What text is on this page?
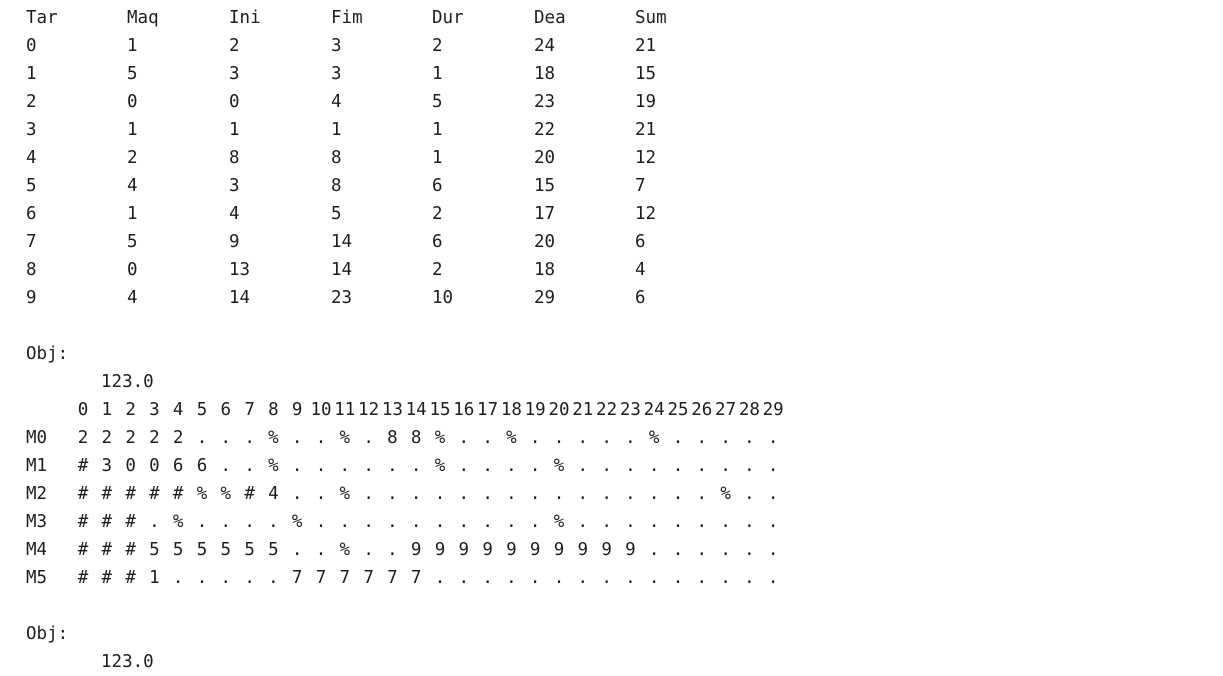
Tar	Maq	Ini	Fim	Dur	Dea	Sum
0	1	2	3	2	24	21
1	5	3	3	1	18	15
2	0	0	4	5	23	19
3	1	1	1	1	22	21
4	2	8	8	1	20	12
5	4	3	8	6	15	7
6	1	4	5	2	17	12
7	5	9	14	6	20	6
8	0	13	14	2	18	4
9	4	14	23	10	29	6

Obj:

123.0

0 1 2 3 4 5 6 7 8 9 10 11 12 13 14 15 16 17 18 19 20 21 22 23 24 25 26 27 28 29
M0	2 2 2 2 2 . . . % . . % . 8 8 % . . % . . . . . % . . . . .
M1	# 3 0 0 6 6 . . % . . . . . . % . . . . % . . . . . . . . .
M2	# # # # # % % # 4 . . % . . . . . . . . . . . . . . . % . .
M3	# # # . % . . . . % . . . . . . . . . . % . . . . . . . . .
M4	# # # 5 5 5 5 5 5 . . % . . 9 9 9 9 9 9 9 9 9 9 . . . . . .
M5	# # # 1 . . . . . 7 7 7 7 7 7 . . . . . . . . . . . . . . .

Obj:

123.0
